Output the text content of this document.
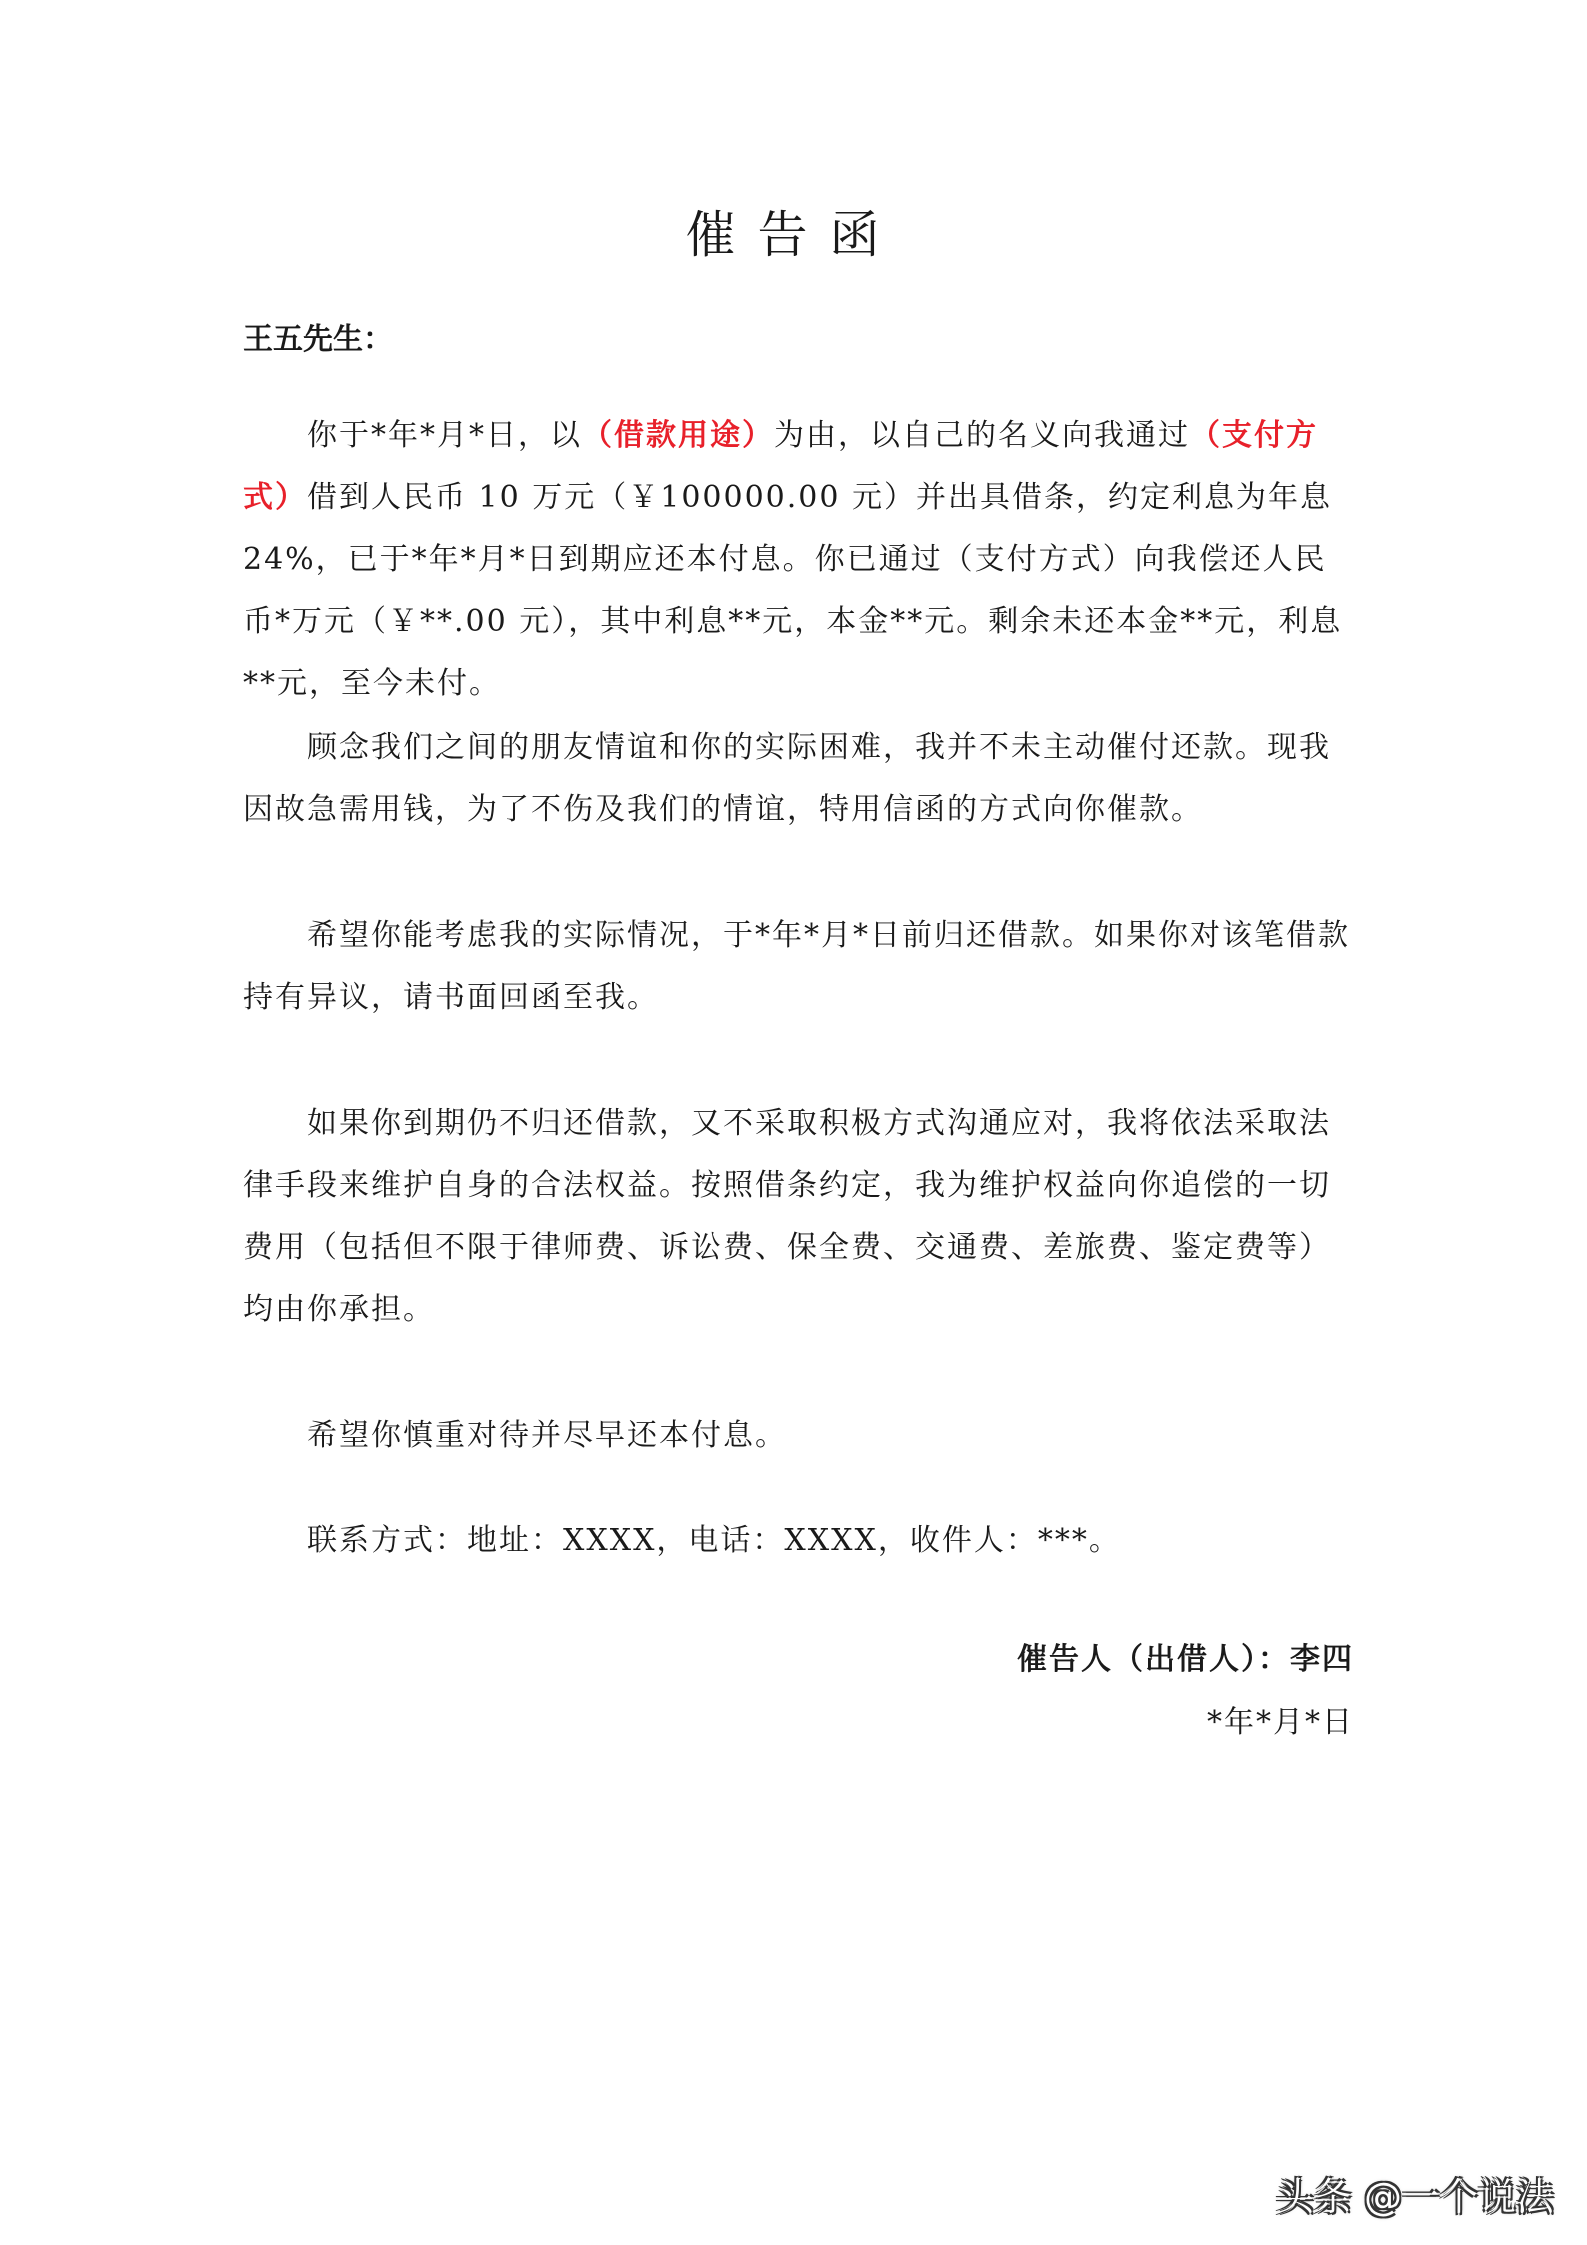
催告函
王五先生：

你于*年*月*日，以（借款用途）为由，以自己的名义向我通过（支付方式）借到人民币 10 万元（￥100000.00 元）并出具借条，约定利息为年息 24%，已于*年*月*日到期应还本付息。你已通过（支付方式）向我偿还人民币*万元（￥**.00 元），其中利息**元，本金**元。剩余未还本金**元，利息**元，至今未付。

顾念我们之间的朋友情谊和你的实际困难，我并不未主动催付还款。现我因故急需用钱，为了不伤及我们的情谊，特用信函的方式向你催款。

希望你能考虑我的实际情况，于*年*月*日前归还借款。如果你对该笔借款持有异议，请书面回函至我。

如果你到期仍不归还借款，又不采取积极方式沟通应对，我将依法采取法律手段来维护自身的合法权益。按照借条约定，我为维护权益向你追偿的一切费用（包括但不限于律师费、诉讼费、保全费、交通费、差旅费、鉴定费等）均由你承担。

希望你慎重对待并尽早还本付息。

联系方式：地址：XXXX，电话：XXXX，收件人：***。

催告人（出借人）：李四
*年*月*日
头条 @一个说法
